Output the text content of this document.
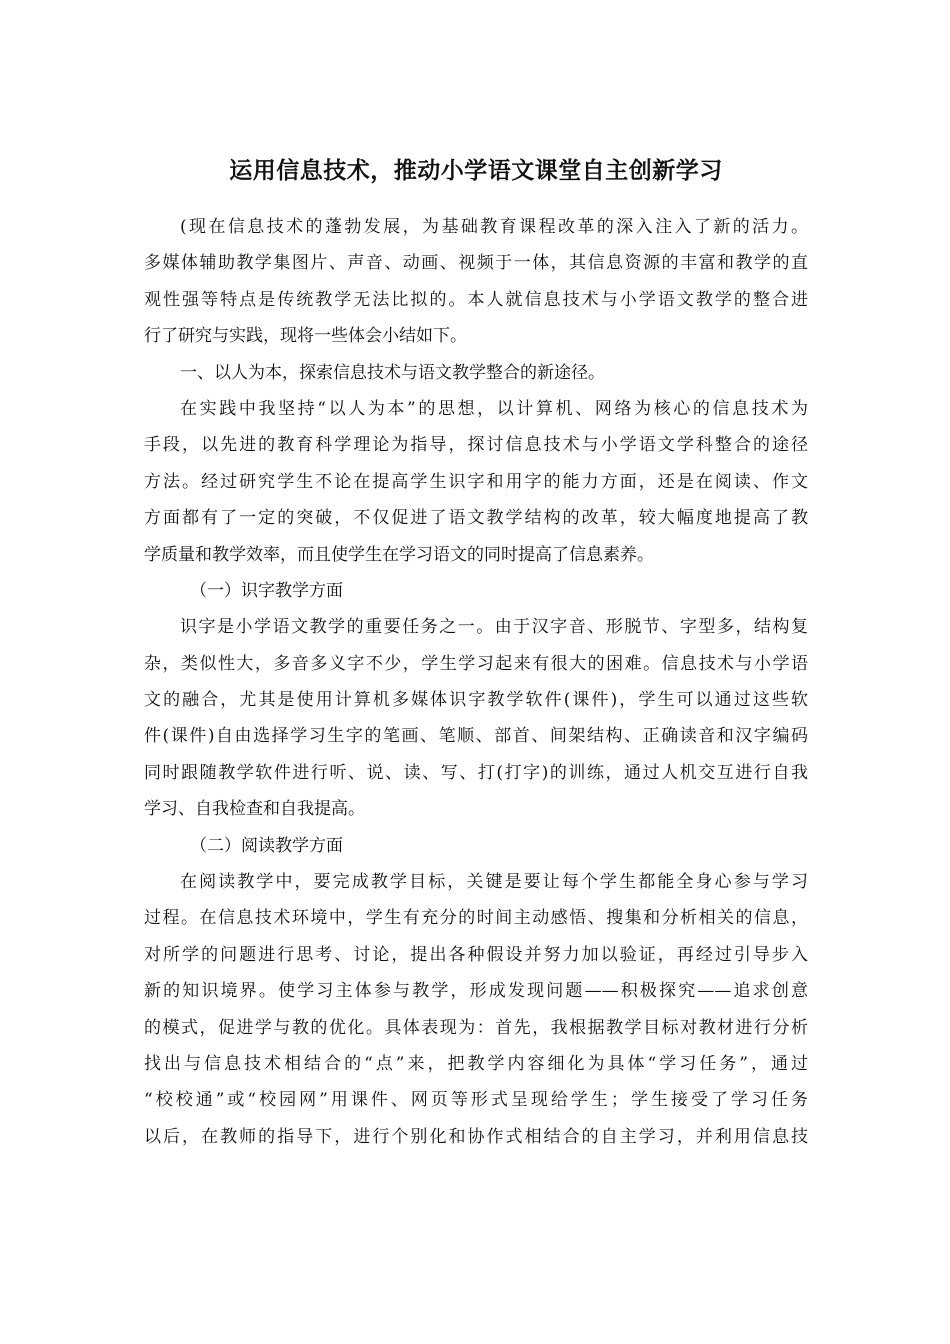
运用信息技术，推动小学语文课堂自主创新学习
(现在信息技术的蓬勃发展，为基础教育课程改革的深入注入了新的活力。
多媒体辅助教学集图片、声音、动画、视频于一体，其信息资源的丰富和教学的直
观性强等特点是传统教学无法比拟的。本人就信息技术与小学语文教学的整合进
行了研究与实践，现将一些体会小结如下。
一、以人为本，探索信息技术与语文教学整合的新途径。
在实践中我坚持“以人为本”的思想，以计算机、网络为核心的信息技术为
手段，以先进的教育科学理论为指导，探讨信息技术与小学语文学科整合的途径
方法。经过研究学生不论在提高学生识字和用字的能力方面，还是在阅读、作文
方面都有了一定的突破，不仅促进了语文教学结构的改革，较大幅度地提高了教
学质量和教学效率，而且使学生在学习语文的同时提高了信息素养。
（一）识字教学方面
识字是小学语文教学的重要任务之一。由于汉字音、形脱节、字型多，结构复
杂，类似性大，多音多义字不少，学生学习起来有很大的困难。信息技术与小学语
文的融合，尤其是使用计算机多媒体识字教学软件(课件)，学生可以通过这些软
件(课件)自由选择学习生字的笔画、笔顺、部首、间架结构、正确读音和汉字编码
同时跟随教学软件进行听、说、读、写、打(打字)的训练，通过人机交互进行自我
学习、自我检查和自我提高。
（二）阅读教学方面
在阅读教学中，要完成教学目标，关键是要让每个学生都能全身心参与学习
过程。在信息技术环境中，学生有充分的时间主动感悟、搜集和分析相关的信息，
对所学的问题进行思考、讨论，提出各种假设并努力加以验证，再经过引导步入
新的知识境界。使学习主体参与教学，形成发现问题——积极探究——追求创意
的模式，促进学与教的优化。具体表现为：首先，我根据教学目标对教材进行分析
找出与信息技术相结合的“点”来，把教学内容细化为具体“学习任务”，通过
“校校通”或“校园网”用课件、网页等形式呈现给学生；学生接受了学习任务
以后，在教师的指导下，进行个别化和协作式相结合的自主学习，并利用信息技
